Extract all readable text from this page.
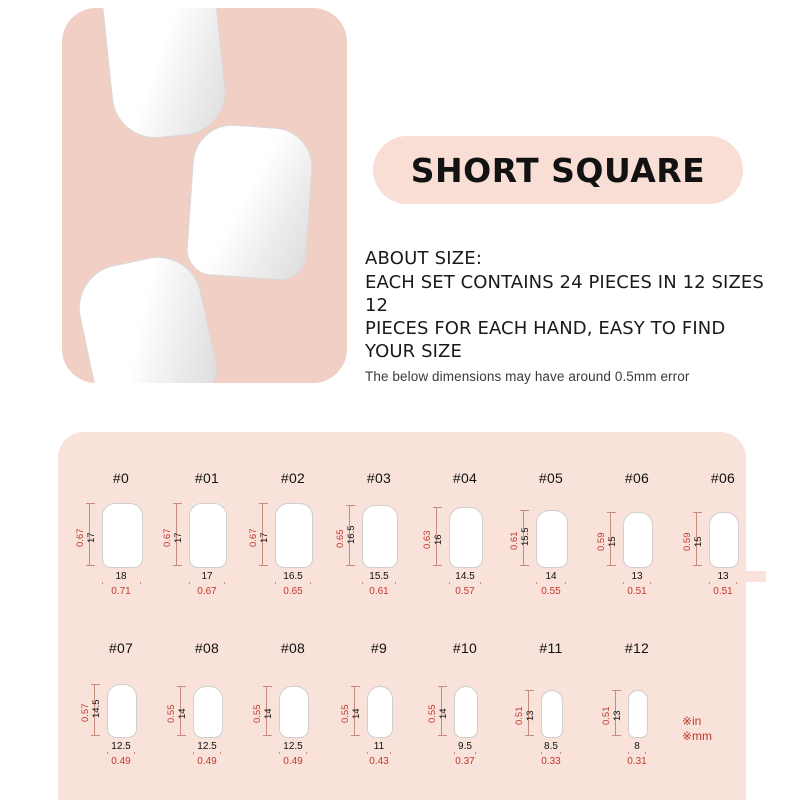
SHORT SQUARE
ABOUT SIZE:
EACH SET CONTAINS 24 PIECES IN 12 SIZES 12
PIECES FOR EACH HAND, EASY TO FIND YOUR SIZE
The below dimensions may have around 0.5mm error
#0
17
0.67
18
0.71
#01
17
0.67
17
0.67
#02
17
0.67
16.5
0.65
#03
16.5
0.65
15.5
0.61
#04
16
0.63
14.5
0.57
#05
15.5
0.61
14
0.55
#06
15
0.59
13
0.51
#06
15
0.59
13
0.51
#07
14.5
0.57
12.5
0.49
#08
14
0.55
12.5
0.49
#08
14
0.55
12.5
0.49
#9
14
0.55
11
0.43
#10
14
0.55
9.5
0.37
#11
13
0.51
8.5
0.33
#12
13
0.51
8
0.31
※in
※mm
